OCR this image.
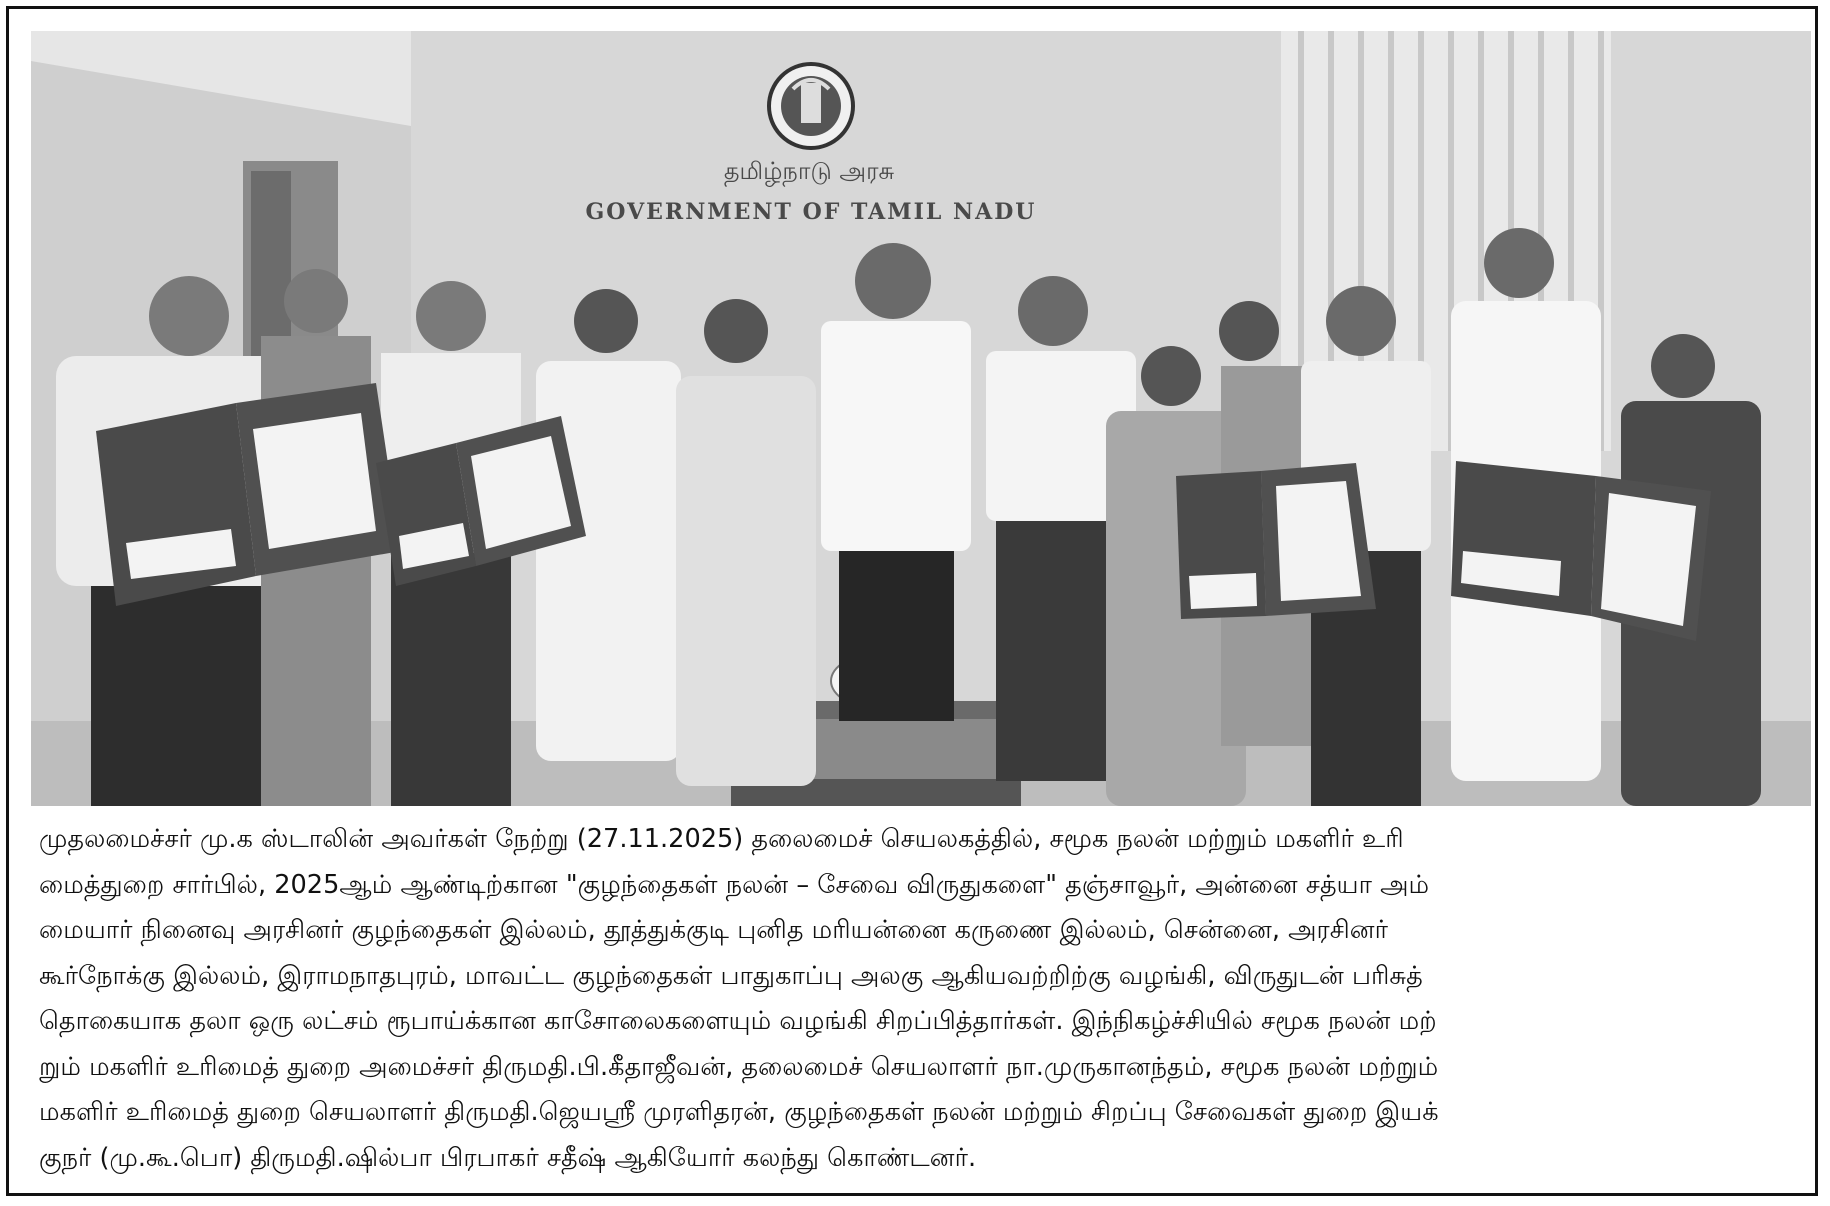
தமிழ்நாடு அரசு
GOVERNMENT OF TAMIL NADU
முதலமைச்சர் மு.க ஸ்டாலின் அவர்கள் நேற்று (27.11.2025) தலைமைச் செயலகத்தில், சமூக நலன் மற்றும் மகளிர் உரி
மைத்துறை சார்பில், 2025ஆம் ஆண்டிற்கான "குழந்தைகள் நலன் – சேவை விருதுகளை" தஞ்சாவூர், அன்னை சத்யா அம்
மையார் நினைவு அரசினர் குழந்தைகள் இல்லம், தூத்துக்குடி புனித மரியன்னை கருணை இல்லம், சென்னை, அரசினர்
கூர்நோக்கு இல்லம், இராமநாதபுரம், மாவட்ட குழந்தைகள் பாதுகாப்பு அலகு ஆகியவற்றிற்கு வழங்கி, விருதுடன் பரிசுத்
தொகையாக தலா ஒரு லட்சம் ரூபாய்க்கான காசோலைகளையும் வழங்கி சிறப்பித்தார்கள். இந்நிகழ்ச்சியில் சமூக நலன் மற்
றும் மகளிர் உரிமைத் துறை அமைச்சர் திருமதி.பி.கீதாஜீவன், தலைமைச் செயலாளர் நா.முருகானந்தம், சமூக நலன் மற்றும்
மகளிர் உரிமைத் துறை செயலாளர் திருமதி.ஜெயஸ்ரீ முரளிதரன், குழந்தைகள் நலன் மற்றும் சிறப்பு சேவைகள் துறை இயக்
குநர் (மு.கூ.பொ) திருமதி.ஷில்பா பிரபாகர் சதீஷ் ஆகியோர் கலந்து கொண்டனர்.
